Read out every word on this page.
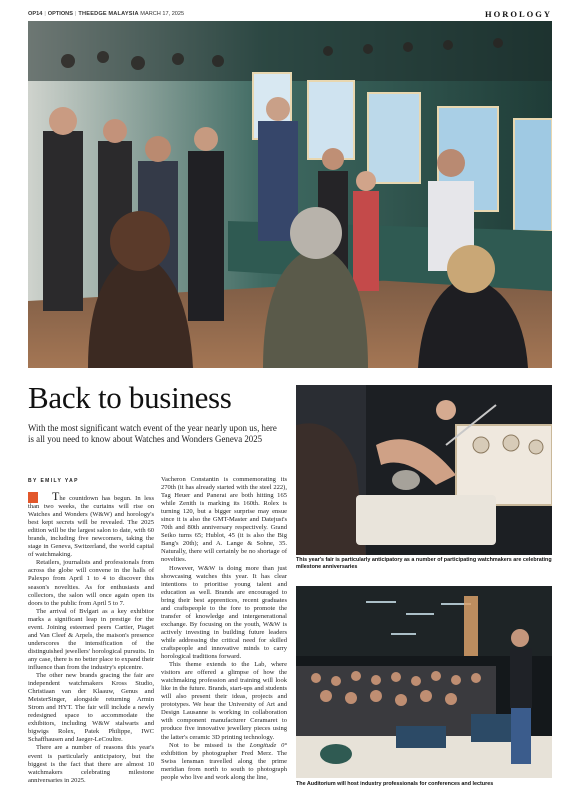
OP14 | OPTIONS | THEEDGE MALAYSIA MARCH 17, 2025	HOROLOGY
Back to business
With the most significant watch event of the year nearly upon us, here is all you need to know about Watches and Wonders Geneva 2025
BY EMILY YAP

The countdown has begun. In less than two weeks, the curtains will rise on Watches and Wonders (W&W) and horology's best kept secrets will be revealed. The 2025 edition will be the largest salon to date, with 60 brands, including five newcomers, taking the stage in Geneva, Switzerland, the world capital of watchmaking.

Retailers, journalists and professionals from across the globe will convene in the halls of Palexpo from April 1 to 4 to discover this season's novelties. As for enthusiasts and collectors, the salon will once again open its doors to the public from April 5 to 7.

The arrival of Bvlgari as a key exhibitor marks a significant leap in prestige for the event. Joining esteemed peers Cartier, Piaget and Van Cleef & Arpels, the maison's presence underscores the intensification of the distinguished jewellers' horological pursuits. In any case, there is no better place to expand their influence than from the industry's epicentre.

The other new brands gracing the fair are independent watchmakers Kross Studio, Christiaan van der Klaauw, Genus and MeisterSinger, alongside returning Armin Strom and HYT. The fair will include a newly redesigned space to accommodate the exhibitors, including W&W stalwarts and bigwigs Rolex, Patek Philippe, IWC Schaffhausen and Jaeger-LeCoultre.

There are a number of reasons this year's event is particularly anticipatory, but the biggest is the fact that there are almost 10 watchmakers celebrating milestone anniversaries in 2025.

Vacheron Constantin is commemorating its 270th (it has already started with the steel 222), Tag Heuer and Panerai are both hitting 165 while Zenith is marking its 160th. Rolex is turning 120, but a bigger surprise may ensue since it is also the GMT-Master and Datejust's 70th and 80th anniversary respectively. Grand Seiko turns 65; Hublot, 45 (it is also the Big Bang's 20th); and A. Lange & Sohne, 35. Naturally, there will certainly be no shortage of novelties.

However, W&W is doing more than just showcasing watches this year. It has clear intentions to prioritise young talent and education as well. Brands are encouraged to bring their best apprentices, recent graduates and craftspeople to the fore to promote the transfer of knowledge and intergenerational exchange. By focusing on the youth, W&W is actively investing in building future leaders while addressing the critical need for skilled craftspeople and innovative minds to carry horological traditions forward.

This theme extends to the Lab, where visitors are offered a glimpse of how the watchmaking profession and training will look like in the future. Brands, start-ups and students will also present their ideas, projects and prototypes. We hear the University of Art and Design Lausanne is working in collaboration with component manufacturer Ceramaret to produce five innovative jewellery pieces using the latter's ceramic 3D printing technology.

Not to be missed is the Longitude 0° exhibition by photographer Fred Merz. The Swiss lensman travelled along the prime meridian from north to south to photograph people who live and work along the line,

This year's fair is particularly anticipatory as a number of participating watchmakers are celebrating milestone anniversaries
The Auditorium will host industry professionals for conferences and lectures
